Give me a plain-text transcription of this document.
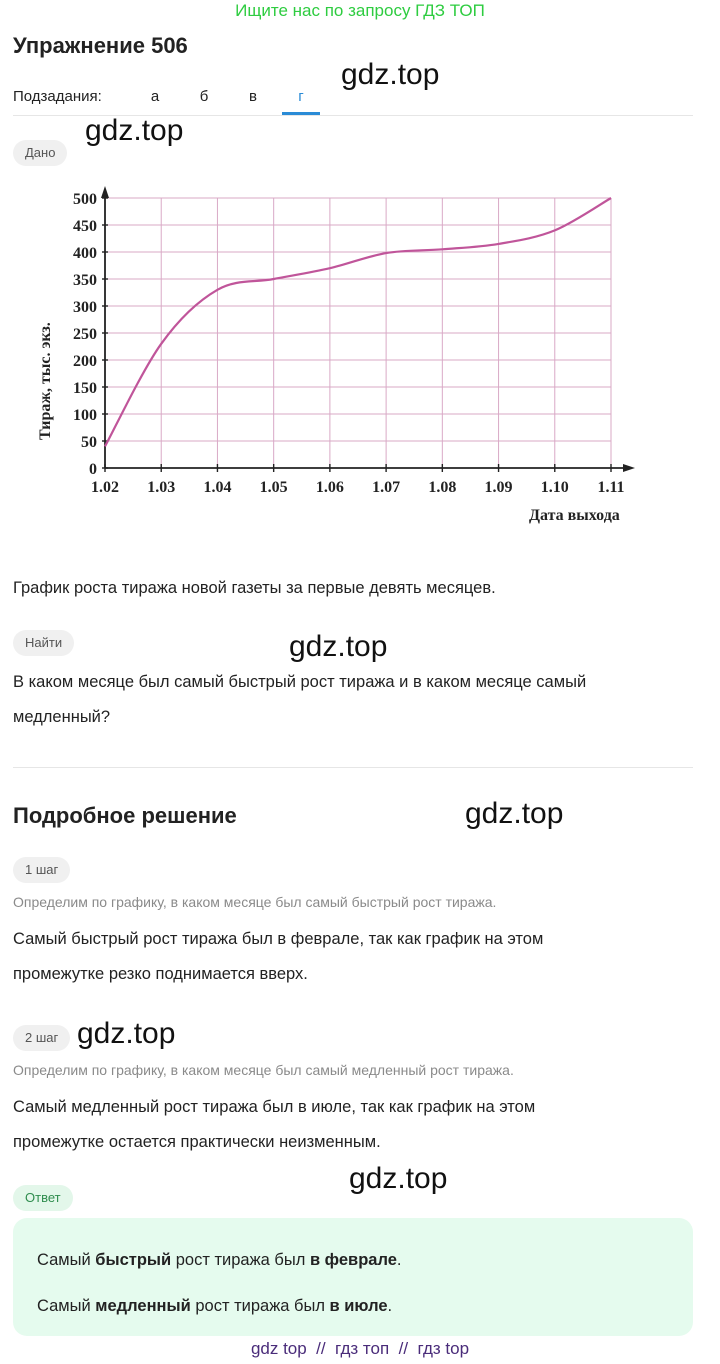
Ищите нас по запросу ГДЗ ТОП
Упражнение 506
gdz.top
Подзадания:	а	б	в	г
Дано
gdz.top
0
50
100
150
200
250
300
350
400
450
500
1.02 1.03 1.04 1.05 1.06 1.07 1.08 1.09 1.10 1.11
Тираж, тыс. экз.
Дата выхода
График роста тиража новой газеты за первые девять месяцев.
Найти	gdz.top
В каком месяце был самый быстрый рост тиража и в каком месяце самый
медленный?
Подробное решение	gdz.top
1 шаг
Определим по графику, в каком месяце был самый быстрый рост тиража.
Самый быстрый рост тиража был в феврале, так как график на этом
промежутке резко поднимается вверх.
2 шаг gdz.top
Определим по графику, в каком месяце был самый медленный рост тиража.
Самый медленный рост тиража был в июле, так как график на этом
промежутке остается практически неизменным.
Ответ
gdz.top
Самый быстрый рост тиража был в феврале.
Самый медленный рост тиража был в июле.
gdz top  //  гдз топ  //  гдз top
